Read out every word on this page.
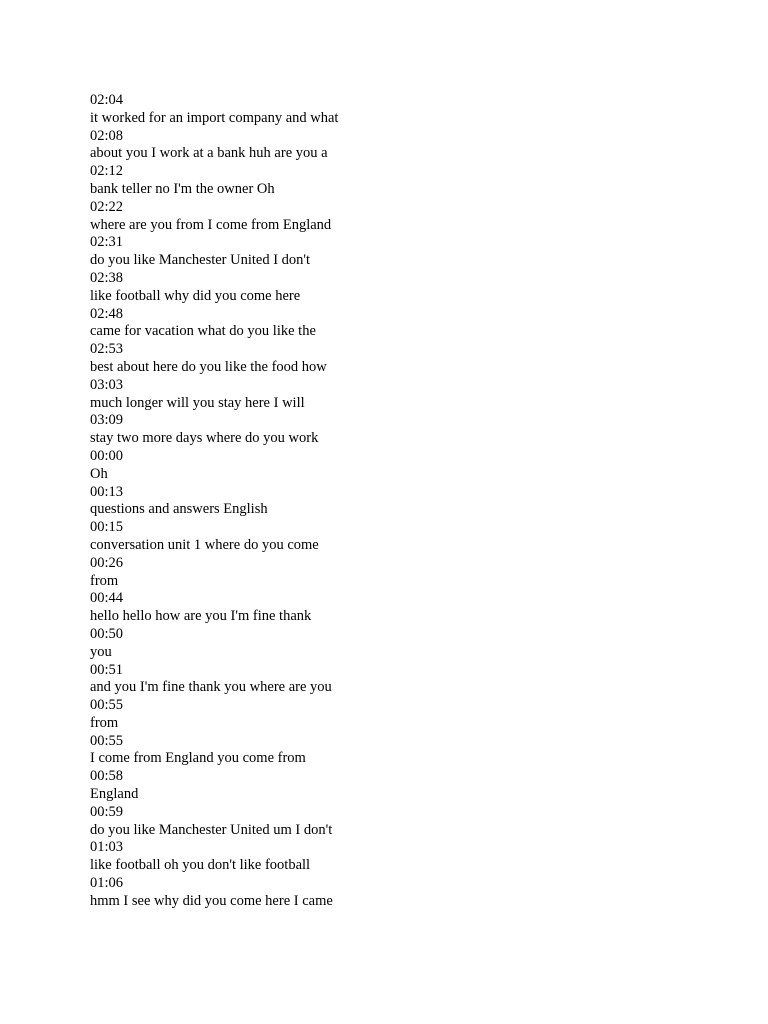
02:04
it worked for an import company and what
02:08
about you I work at a bank huh are you a
02:12
bank teller no I'm the owner Oh
02:22
where are you from I come from England
02:31
do you like Manchester United I don't
02:38
like football why did you come here
02:48
came for vacation what do you like the
02:53
best about here do you like the food how
03:03
much longer will you stay here I will
03:09
stay two more days where do you work
00:00
Oh
00:13
questions and answers English
00:15
conversation unit 1 where do you come
00:26
from
00:44
hello hello how are you I'm fine thank
00:50
you
00:51
and you I'm fine thank you where are you
00:55
from
00:55
I come from England you come from
00:58
England
00:59
do you like Manchester United um I don't
01:03
like football oh you don't like football
01:06
hmm I see why did you come here I came
